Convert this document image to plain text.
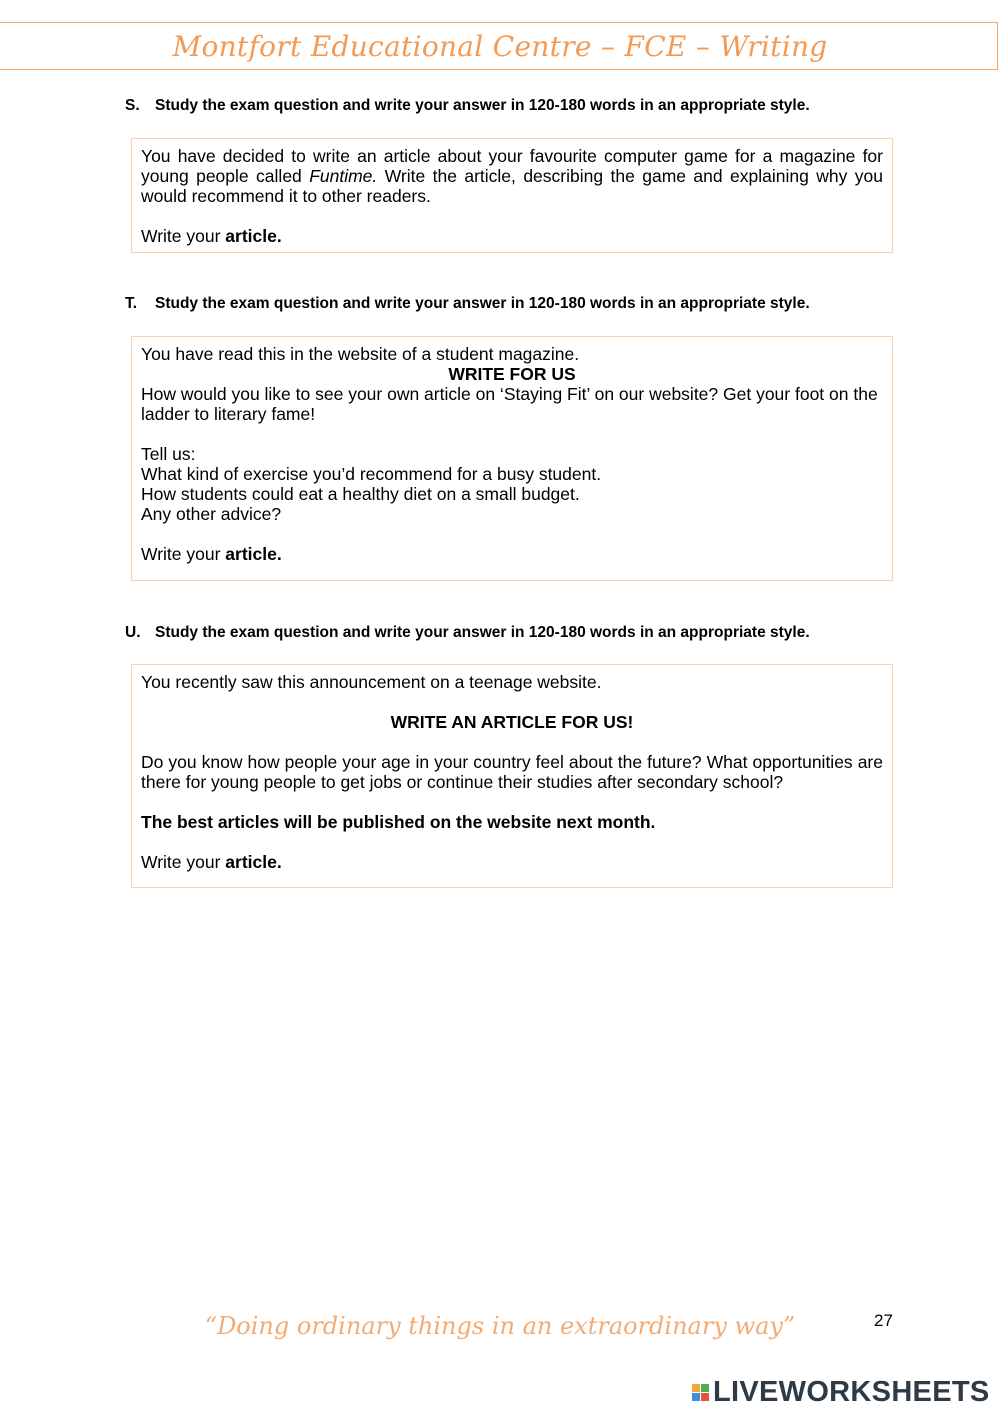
Montfort Educational Centre – FCE – Writing
S. Study the exam question and write your answer in 120-180 words in an appropriate style.

You have decided to write an article about your favourite computer game for a magazine for young people called Funtime. Write the article, describing the game and explaining why you would recommend it to other readers.

Write your article.

T. Study the exam question and write your answer in 120-180 words in an appropriate style.

You have read this in the website of a student magazine.

WRITE FOR US

How would you like to see your own article on ‘Staying Fit’ on our website? Get your foot on the ladder to literary fame!

Tell us:

What kind of exercise you’d recommend for a busy student.

How students could eat a healthy diet on a small budget.

Any other advice?

Write your article.

U. Study the exam question and write your answer in 120-180 words in an appropriate style.

You recently saw this announcement on a teenage website.

WRITE AN ARTICLE FOR US!

Do you know how people your age in your country feel about the future? What opportunities are there for young people to get jobs or continue their studies after secondary school?

The best articles will be published on the website next month.

Write your article.

“Doing ordinary things in an extraordinary way”	27
LIVEWORKSHEETS
